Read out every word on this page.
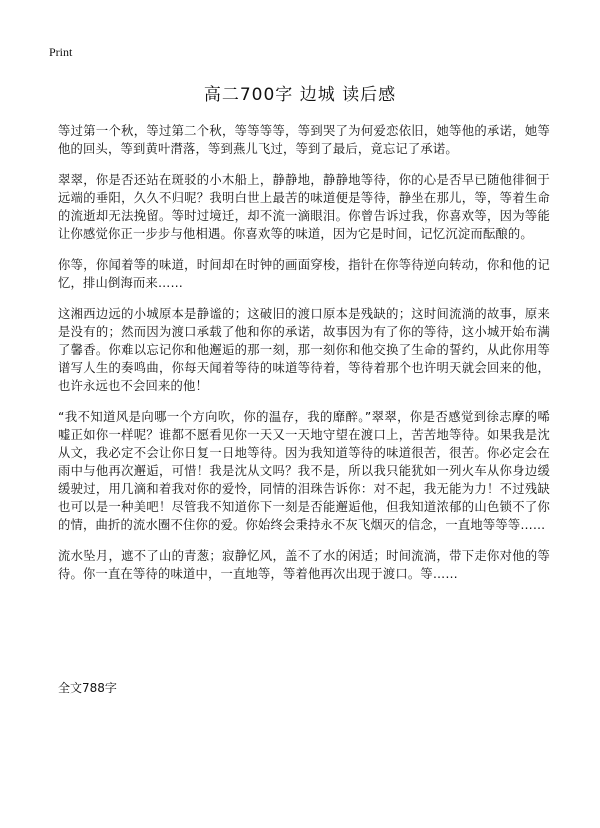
Print
高二700字 边城 读后感

等过第一个秋，等过第二个秋，等等等等，等到哭了为何爱恋依旧，她等他的承诺，她等他的回头，等到黄叶潸落，等到燕儿飞过，等到了最后，竟忘记了承诺。

翠翠，你是否还站在斑驳的小木船上，静静地，静静地等待，你的心是否早已随他徘徊于远端的垂阳，久久不归呢？我明白世上最苦的味道便是等待，静坐在那儿，等，等着生命的流逝却无法挽留。等时过境迁，却不流一滴眼泪。你曾告诉过我，你喜欢等，因为等能让你感觉你正一步步与他相遇。你喜欢等的味道，因为它是时间，记忆沉淀而酝酿的。

你等，你闻着等的味道，时间却在时钟的画面穿梭，指针在你等待逆向转动，你和他的记忆，排山倒海而来……

这湘西边远的小城原本是静谧的；这破旧的渡口原本是残缺的；这时间流淌的故事，原来是没有的；然而因为渡口承载了他和你的承诺，故事因为有了你的等待，这小城开始布满了馨香。你难以忘记你和他邂逅的那一刻，那一刻你和他交换了生命的誓约，从此你用等谱写人生的奏鸣曲，你每天闻着等待的味道等待着，等待着那个也许明天就会回来的他，也许永远也不会回来的他！

“我不知道风是向哪一个方向吹，你的温存，我的靡醉。”翠翠，你是否感觉到徐志摩的唏嘘正如你一样呢？谁都不愿看见你一天又一天地守望在渡口上，苦苦地等待。如果我是沈从文，我必定不会让你日复一日地等待。因为我知道等待的味道很苦，很苦。你必定会在雨中与他再次邂逅，可惜！我是沈从文吗？我不是，所以我只能犹如一列火车从你身边缓缓驶过，用几滴和着我对你的爱怜，同情的泪珠告诉你：对不起，我无能为力！不过残缺也可以是一种美吧！尽管我不知道你下一刻是否能邂逅他，但我知道浓郁的山色锁不了你的情，曲折的流水圈不住你的爱。你始终会秉持永不灰飞烟灭的信念，一直地等等等……

流水坠月，遮不了山的青葱；寂静忆风，盖不了水的闲适；时间流淌，带下走你对他的等待。你一直在等待的味道中，一直地等，等着他再次出现于渡口。等……

全文788字
